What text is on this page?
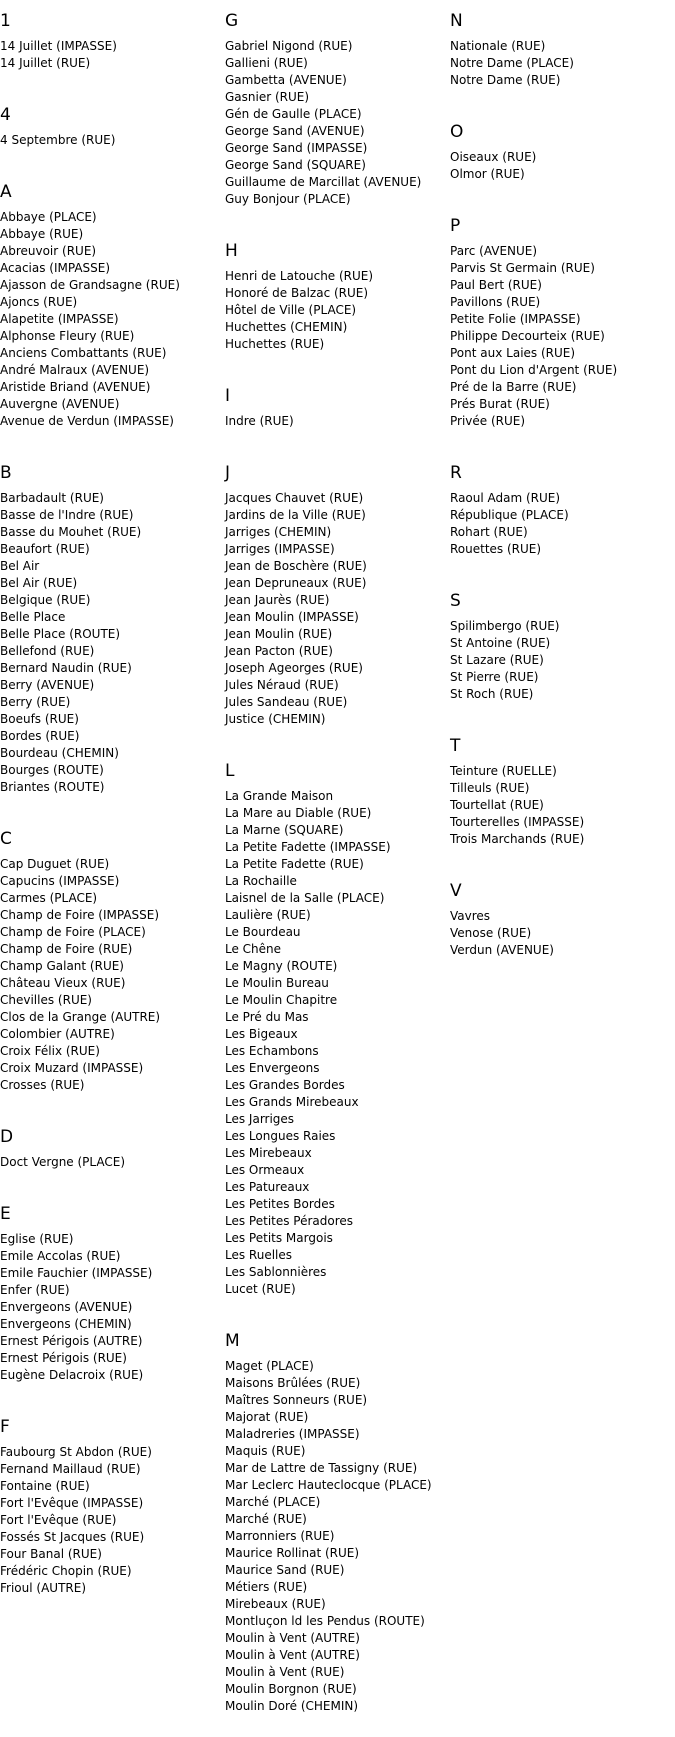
1
14 Juillet (IMPASSE)
14 Juillet (RUE)
4
4 Septembre (RUE)
A
Abbaye (PLACE)
Abbaye (RUE)
Abreuvoir (RUE)
Acacias (IMPASSE)
Ajasson de Grandsagne (RUE)
Ajoncs (RUE)
Alapetite (IMPASSE)
Alphonse Fleury (RUE)
Anciens Combattants (RUE)
André Malraux (AVENUE)
Aristide Briand (AVENUE)
Auvergne (AVENUE)
Avenue de Verdun (IMPASSE)
B
Barbadault (RUE)
Basse de l'Indre (RUE)
Basse du Mouhet (RUE)
Beaufort (RUE)
Bel Air
Bel Air (RUE)
Belgique (RUE)
Belle Place
Belle Place (ROUTE)
Bellefond (RUE)
Bernard Naudin (RUE)
Berry (AVENUE)
Berry (RUE)
Boeufs (RUE)
Bordes (RUE)
Bourdeau (CHEMIN)
Bourges (ROUTE)
Briantes (ROUTE)
C
Cap Duguet (RUE)
Capucins (IMPASSE)
Carmes (PLACE)
Champ de Foire (IMPASSE)
Champ de Foire (PLACE)
Champ de Foire (RUE)
Champ Galant (RUE)
Château Vieux (RUE)
Chevilles (RUE)
Clos de la Grange (AUTRE)
Colombier (AUTRE)
Croix Félix (RUE)
Croix Muzard (IMPASSE)
Crosses (RUE)
D
Doct Vergne (PLACE)
E
Eglise (RUE)
Emile Accolas (RUE)
Emile Fauchier (IMPASSE)
Enfer (RUE)
Envergeons (AVENUE)
Envergeons (CHEMIN)
Ernest Périgois (AUTRE)
Ernest Périgois (RUE)
Eugène Delacroix (RUE)
F
Faubourg St Abdon (RUE)
Fernand Maillaud (RUE)
Fontaine (RUE)
Fort l'Evêque (IMPASSE)
Fort l'Evêque (RUE)
Fossés St Jacques (RUE)
Four Banal (RUE)
Frédéric Chopin (RUE)
Frioul (AUTRE)
G
Gabriel Nigond (RUE)
Gallieni (RUE)
Gambetta (AVENUE)
Gasnier (RUE)
Gén de Gaulle (PLACE)
George Sand (AVENUE)
George Sand (IMPASSE)
George Sand (SQUARE)
Guillaume de Marcillat (AVENUE)
Guy Bonjour (PLACE)
H
Henri de Latouche (RUE)
Honoré de Balzac (RUE)
Hôtel de Ville (PLACE)
Huchettes (CHEMIN)
Huchettes (RUE)
I
Indre (RUE)
J
Jacques Chauvet (RUE)
Jardins de la Ville (RUE)
Jarriges (CHEMIN)
Jarriges (IMPASSE)
Jean de Boschère (RUE)
Jean Depruneaux (RUE)
Jean Jaurès (RUE)
Jean Moulin (IMPASSE)
Jean Moulin (RUE)
Jean Pacton (RUE)
Joseph Ageorges (RUE)
Jules Néraud (RUE)
Jules Sandeau (RUE)
Justice (CHEMIN)
L
La Grande Maison
La Mare au Diable (RUE)
La Marne (SQUARE)
La Petite Fadette (IMPASSE)
La Petite Fadette (RUE)
La Rochaille
Laisnel de la Salle (PLACE)
Laulière (RUE)
Le Bourdeau
Le Chêne
Le Magny (ROUTE)
Le Moulin Bureau
Le Moulin Chapitre
Le Pré du Mas
Les Bigeaux
Les Echambons
Les Envergeons
Les Grandes Bordes
Les Grands Mirebeaux
Les Jarriges
Les Longues Raies
Les Mirebeaux
Les Ormeaux
Les Patureaux
Les Petites Bordes
Les Petites Péradores
Les Petits Margois
Les Ruelles
Les Sablonnières
Lucet (RUE)
M
Maget (PLACE)
Maisons Brûlées (RUE)
Maîtres Sonneurs (RUE)
Majorat (RUE)
Maladreries (IMPASSE)
Maquis (RUE)
Mar de Lattre de Tassigny (RUE)
Mar Leclerc Hauteclocque (PLACE)
Marché (PLACE)
Marché (RUE)
Marronniers (RUE)
Maurice Rollinat (RUE)
Maurice Sand (RUE)
Métiers (RUE)
Mirebeaux (RUE)
Montluçon ld les Pendus (ROUTE)
Moulin à Vent (AUTRE)
Moulin à Vent (AUTRE)
Moulin à Vent (RUE)
Moulin Borgnon (RUE)
Moulin Doré (CHEMIN)
N
Nationale (RUE)
Notre Dame (PLACE)
Notre Dame (RUE)
O
Oiseaux (RUE)
Olmor (RUE)
P
Parc (AVENUE)
Parvis St Germain (RUE)
Paul Bert (RUE)
Pavillons (RUE)
Petite Folie (IMPASSE)
Philippe Decourteix (RUE)
Pont aux Laies (RUE)
Pont du Lion d'Argent (RUE)
Pré de la Barre (RUE)
Prés Burat (RUE)
Privée (RUE)
R
Raoul Adam (RUE)
République (PLACE)
Rohart (RUE)
Rouettes (RUE)
S
Spilimbergo (RUE)
St Antoine (RUE)
St Lazare (RUE)
St Pierre (RUE)
St Roch (RUE)
T
Teinture (RUELLE)
Tilleuls (RUE)
Tourtellat (RUE)
Tourterelles (IMPASSE)
Trois Marchands (RUE)
V
Vavres
Venose (RUE)
Verdun (AVENUE)
